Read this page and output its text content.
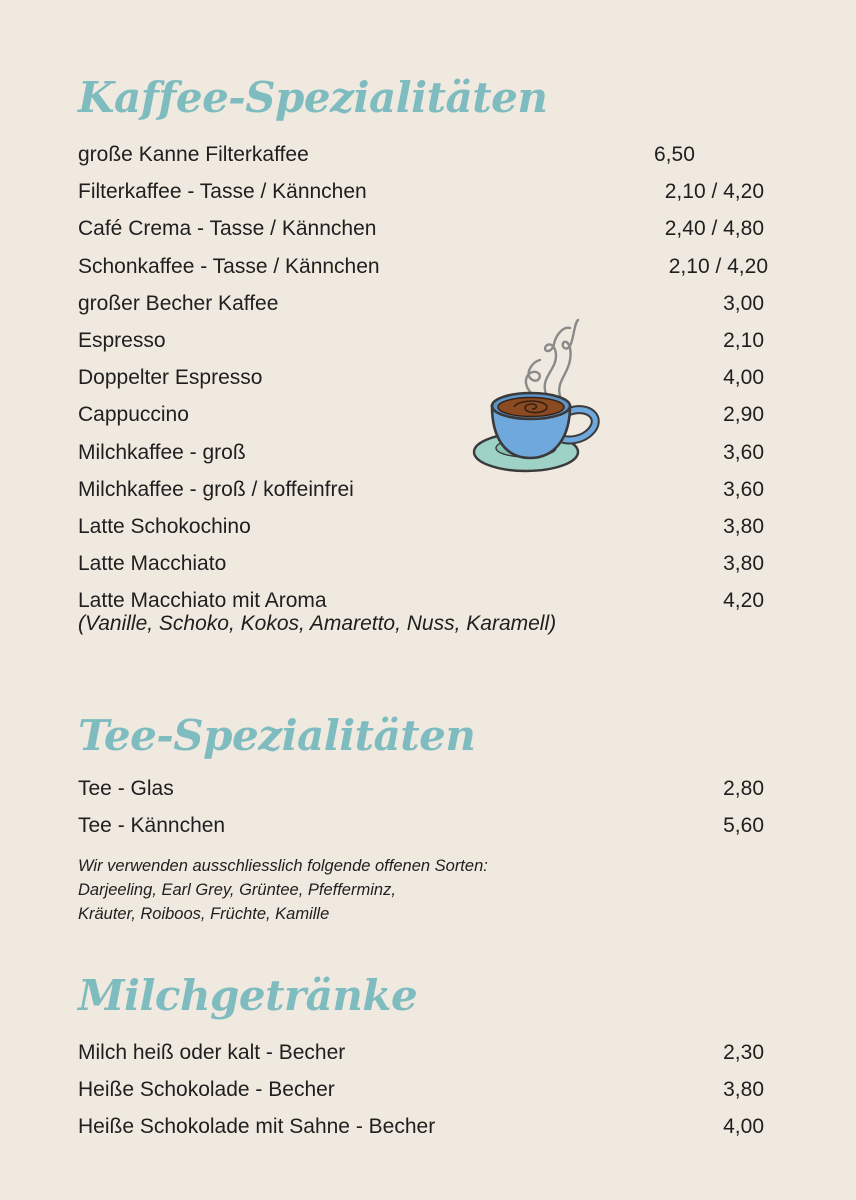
Kaffee-Spezialitäten
große Kanne Filterkaffee	6,50
Filterkaffee - Tasse / Kännchen	2,10 / 4,20
Café Crema - Tasse / Kännchen	2,40 / 4,80
Schonkaffee - Tasse / Kännchen	2,10 / 4,20
großer Becher Kaffee	3,00
Espresso	2,10
Doppelter Espresso	4,00
Cappuccino	2,90
Milchkaffee - groß	3,60
Milchkaffee - groß / koffeinfrei	3,60
Latte Schokochino	3,80
Latte Macchiato	3,80
Latte Macchiato mit Aroma	4,20
(Vanille, Schoko, Kokos, Amaretto, Nuss, Karamell)
Tee-Spezialitäten
Tee - Glas	2,80
Tee - Kännchen	5,60
Wir verwenden ausschliesslich folgende offenen Sorten:
Darjeeling, Earl Grey, Grüntee, Pfefferminz,
Kräuter, Roiboos, Früchte, Kamille
Milchgetränke
Milch heiß oder kalt - Becher	2,30
Heiße Schokolade - Becher	3,80
Heiße Schokolade mit Sahne - Becher	4,00
